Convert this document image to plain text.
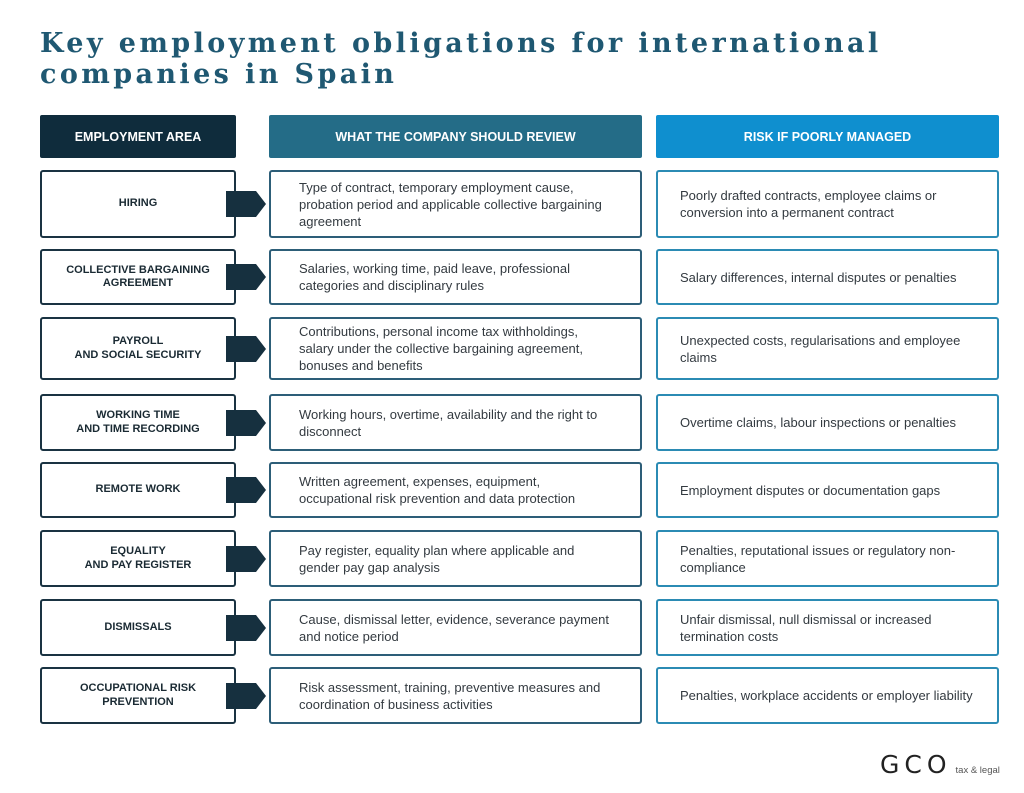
Key employment obligations for international companies in Spain
EMPLOYMENT AREA	WHAT THE COMPANY SHOULD REVIEW	RISK IF POORLY MANAGED
HIRING
Type of contract, temporary employment cause, probation period and applicable collective bargaining agreement
Poorly drafted contracts, employee claims or conversion into a permanent contract
COLLECTIVE BARGAINING AGREEMENT
Salaries, working time, paid leave, professional categories and disciplinary rules
Salary differences, internal disputes or penalties
PAYROLL
AND SOCIAL SECURITY
Contributions, personal income tax withholdings, salary under the collective bargaining agreement, bonuses and benefits
Unexpected costs, regularisations and employee claims
WORKING TIME
AND TIME RECORDING
Working hours, overtime, availability and the right to disconnect
Overtime claims, labour inspections or penalties
REMOTE WORK
Written agreement, expenses, equipment, occupational risk prevention and data protection
Employment disputes or documentation gaps
EQUALITY
AND PAY REGISTER
Pay register, equality plan where applicable and gender pay gap analysis
Penalties, reputational issues or regulatory non-compliance
DISMISSALS
Cause, dismissal letter, evidence, severance payment and notice period
Unfair dismissal, null dismissal or increased termination costs
OCCUPATIONAL RISK PREVENTION
Risk assessment, training, preventive measures and coordination of business activities
Penalties, workplace accidents or employer liability
GCO tax & legal
